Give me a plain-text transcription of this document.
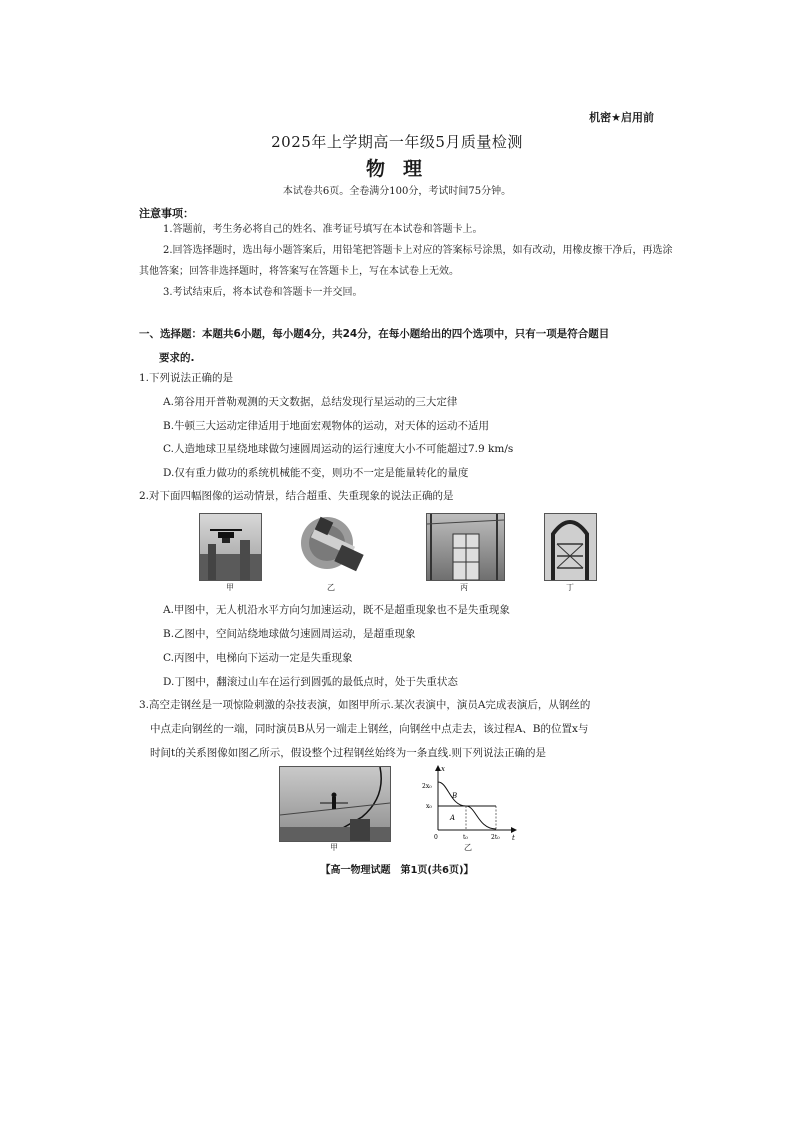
机密★启用前
2025年上学期高一年级5月质量检测
物理
本试卷共6页。全卷满分100分，考试时间75分钟。
注意事项：
1.答题前，考生务必将自己的姓名、准考证号填写在本试卷和答题卡上。
2.回答选择题时，选出每小题答案后，用铅笔把答题卡上对应的答案标号涂黑，如有改动，用橡皮擦干净后，再选涂其他答案；回答非选择题时，将答案写在答题卡上，写在本试卷上无效。
3.考试结束后，将本试卷和答题卡一并交回。
一、选择题：本题共6小题，每小题4分，共24分，在每小题给出的四个选项中，只有一项是符合题目
要求的.
1.下列说法正确的是
A.第谷用开普勒观测的天文数据，总结发现行星运动的三大定律
B.牛顿三大运动定律适用于地面宏观物体的运动，对天体的运动不适用
C.人造地球卫星绕地球做匀速圆周运动的运行速度大小不可能超过7.9 km/s
D.仅有重力做功的系统机械能不变，则功不一定是能量转化的量度
2.对下面四幅图像的运动情景，结合超重、失重现象的说法正确的是
甲	乙	丙	丁
A.甲图中，无人机沿水平方向匀加速运动，既不是超重现象也不是失重现象
B.乙图中，空间站绕地球做匀速圆周运动，是超重现象
C.丙图中，电梯向下运动一定是失重现象
D.丁图中，翻滚过山车在运行到圆弧的最低点时，处于失重状态
3.高空走钢丝是一项惊险刺激的杂技表演，如图甲所示.某次表演中，演员A完成表演后，从钢丝的
中点走向钢丝的一端，同时演员B从另一端走上钢丝，向钢丝中点走去，该过程A、B的位置x与
时间t的关系图像如图乙所示，假设整个过程钢丝始终为一条直线.则下列说法正确的是
甲
x
t
2x₀
x₀
0	t₀	2t₀
B
A
乙
【高一物理试题　第1页(共6页)】
